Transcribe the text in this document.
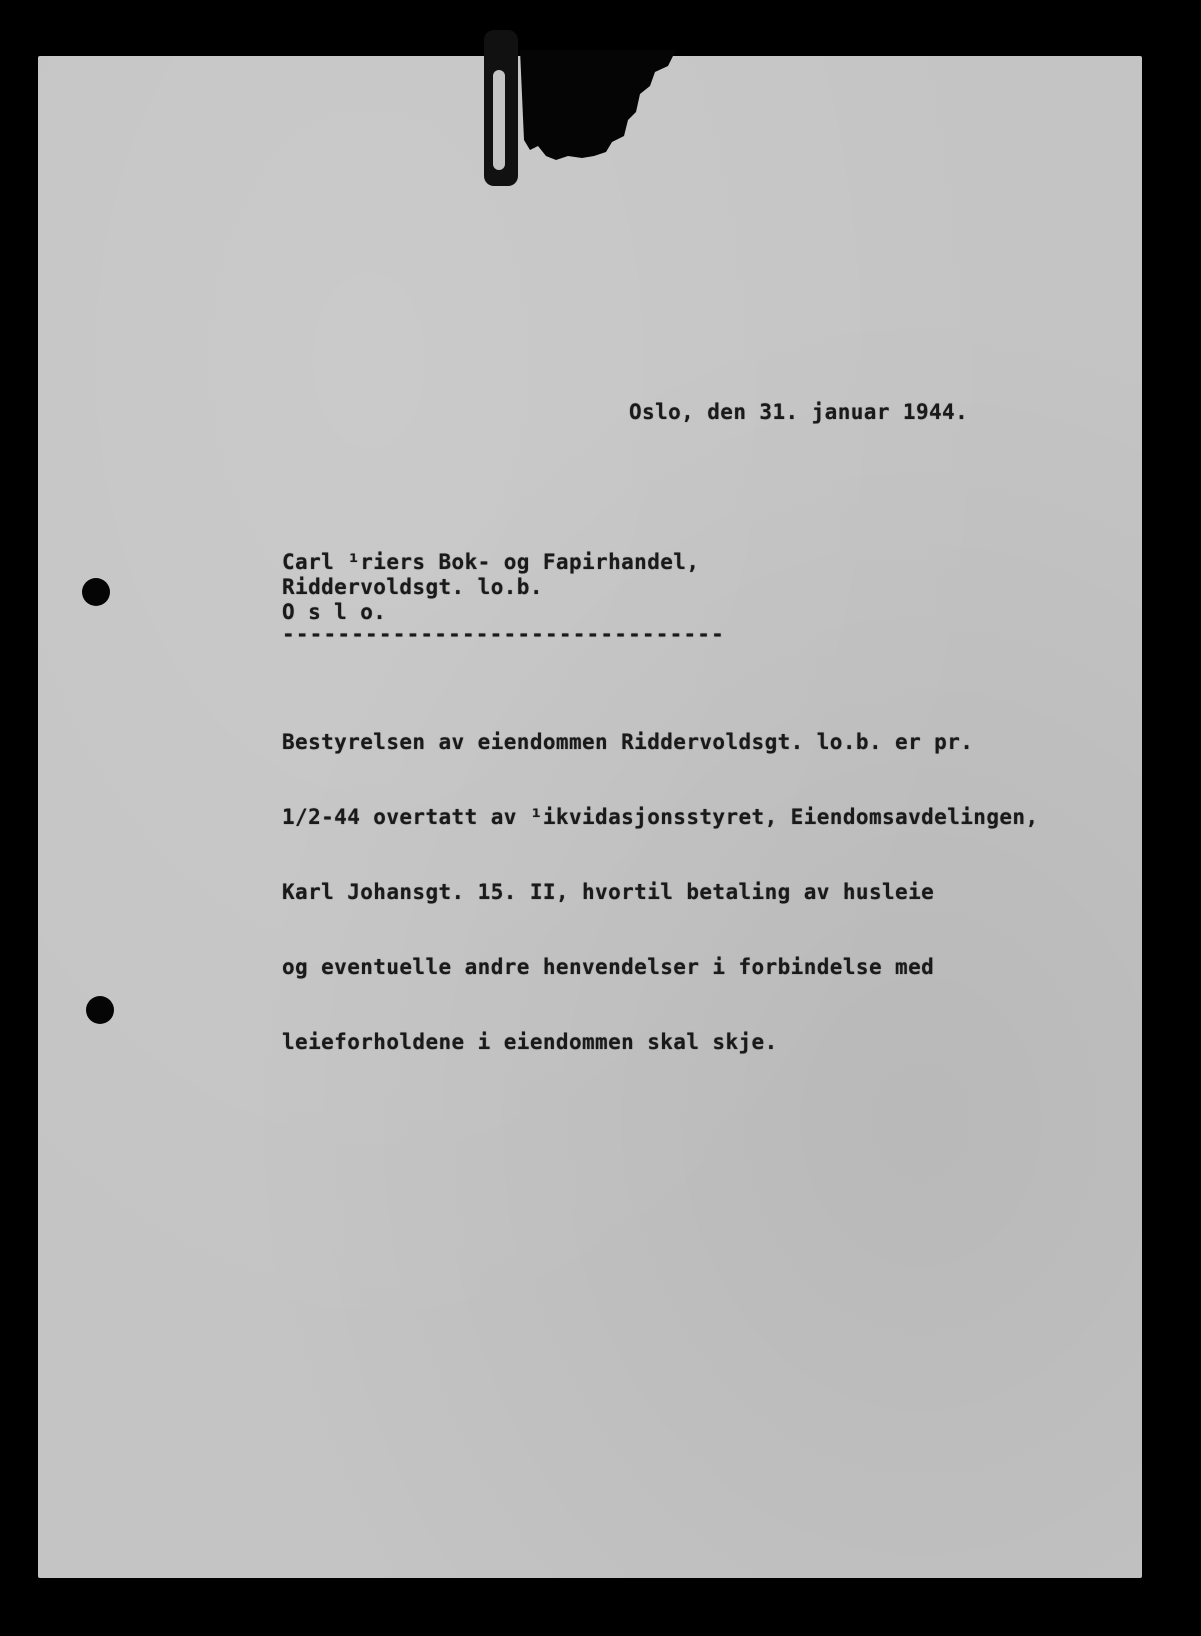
Oslo, den 31. januar 1944.
Carl ¹riers Bok- og Fapirhandel,
Riddervoldsgt. lo.b.
O s l o.
--------------------------------

Bestyrelsen av eiendommen Riddervoldsgt. lo.b. er pr.

1/2-44 overtatt av ¹ikvidasjonsstyret, Eiendomsavdelingen,

Karl Johansgt. 15. II, hvortil betaling av husleie

og eventuelle andre henvendelser i forbindelse med

leieforholdene i eiendommen skal skje.
